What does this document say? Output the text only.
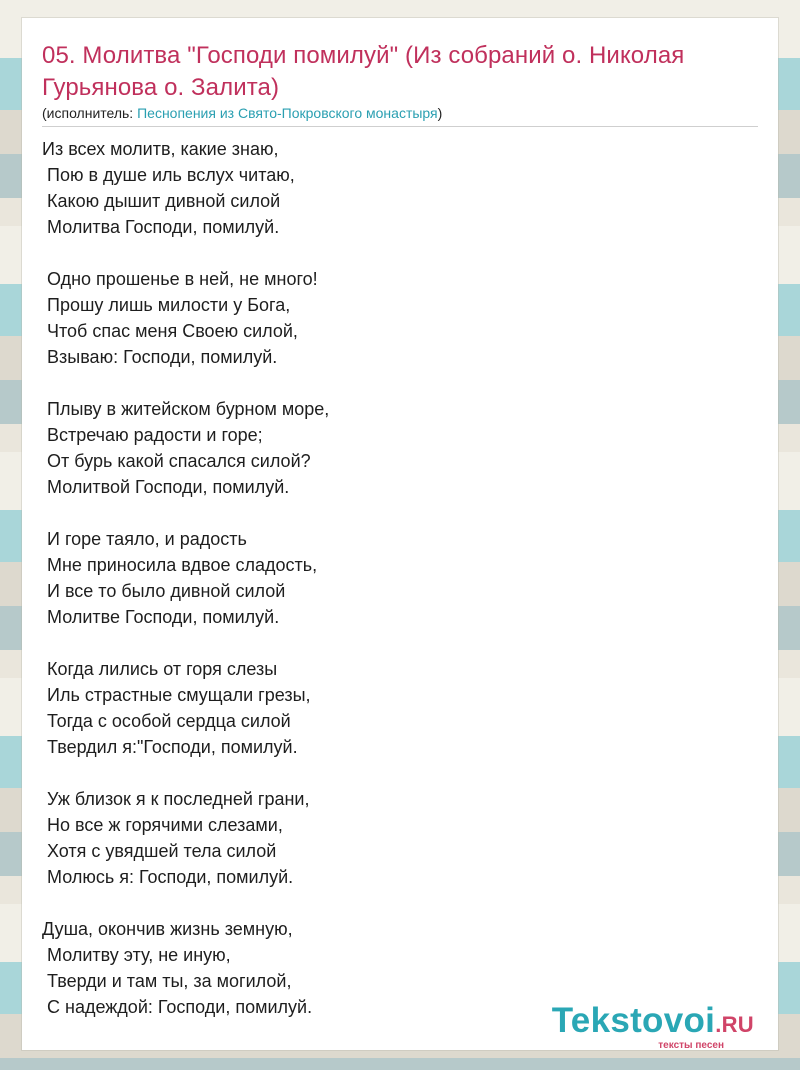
05. Молитва "Господи помилуй" (Из собраний о. Николая Гурьянова о. Залита)

(исполнитель: Песнопения из Свято-Покровского монастыря)

Из всех молитв, какие знаю,
Пою в душе иль вслух читаю,
Какою дышит дивной силой
Молитва Господи, помилуй.
Одно прошенье в ней, не много!
Прошу лишь милости у Бога,
Чтоб спас меня Своею силой,
Взываю: Господи, помилуй.
Плыву в житейском бурном море,
Встречаю радости и горе;
От бурь какой спасался силой?
Молитвой Господи, помилуй.
И горе таяло, и радость
Мне приносила вдвое сладость,
И все то было дивной силой
Молитве Господи, помилуй.
Когда лились от горя слезы
Иль страстные смущали грезы,
Тогда с особой сердца силой
Твердил я:"Господи, помилуй.
Уж близок я к последней грани,
Но все ж горячими слезами,
Хотя с увядшей тела силой
Молюсь я: Господи, помилуй.
Душа, окончив жизнь земную,
Молитву эту, не иную,
Тверди и там ты, за могилой,
С надеждой: Господи, помилуй.	Tekstovoi.RU
тексты песен
